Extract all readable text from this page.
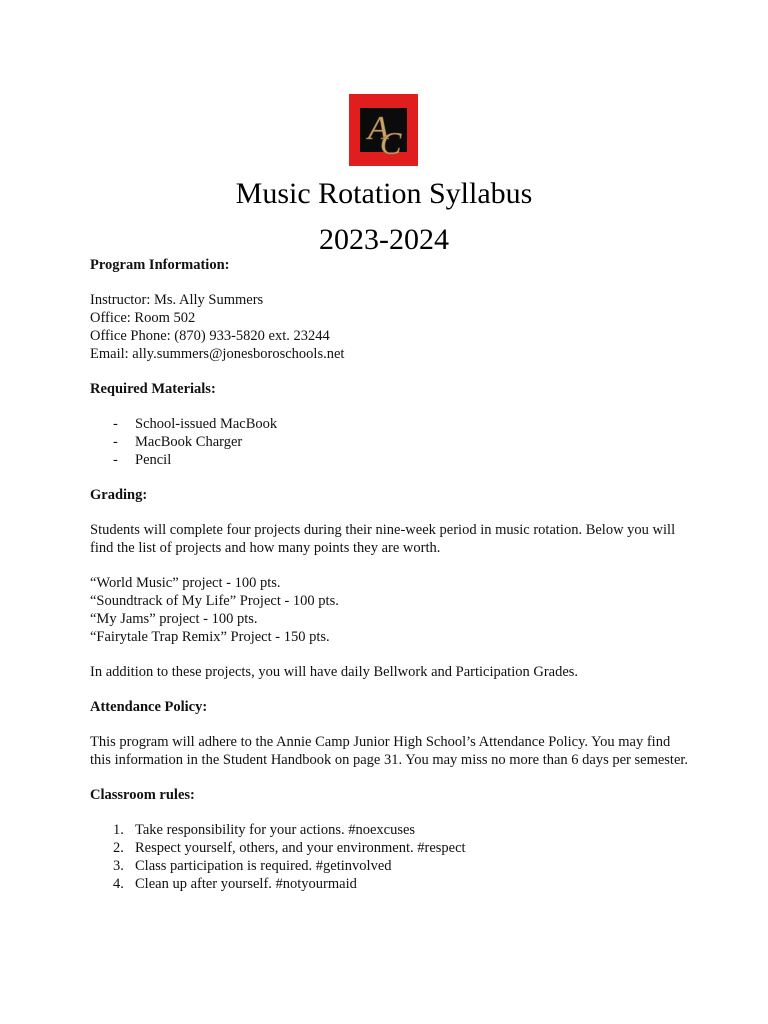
A
C
Music Rotation Syllabus
2023-2024

Program Information:

Instructor: Ms. Ally Summers

Office: Room 502

Office Phone: (870) 933-5820 ext. 23244

Email: ally.summers@jonesboroschools.net

Required Materials:

- School-issued MacBook
- MacBook Charger
- Pencil

Grading:

Students will complete four projects during their nine-week period in music rotation. Below you will find the list of projects and how many points they are worth.

“World Music” project - 100 pts.

“Soundtrack of My Life” Project - 100 pts.

“My Jams” project - 100 pts.

“Fairytale Trap Remix” Project - 150 pts.

In addition to these projects, you will have daily Bellwork and Participation Grades.

Attendance Policy:

This program will adhere to the Annie Camp Junior High School’s Attendance Policy. You may find this information in the Student Handbook on page 31. You may miss no more than 6 days per semester.

Classroom rules:

1. Take responsibility for your actions. #noexcuses
2. Respect yourself, others, and your environment. #respect
3. Class participation is required. #getinvolved
4. Clean up after yourself. #notyourmaid
